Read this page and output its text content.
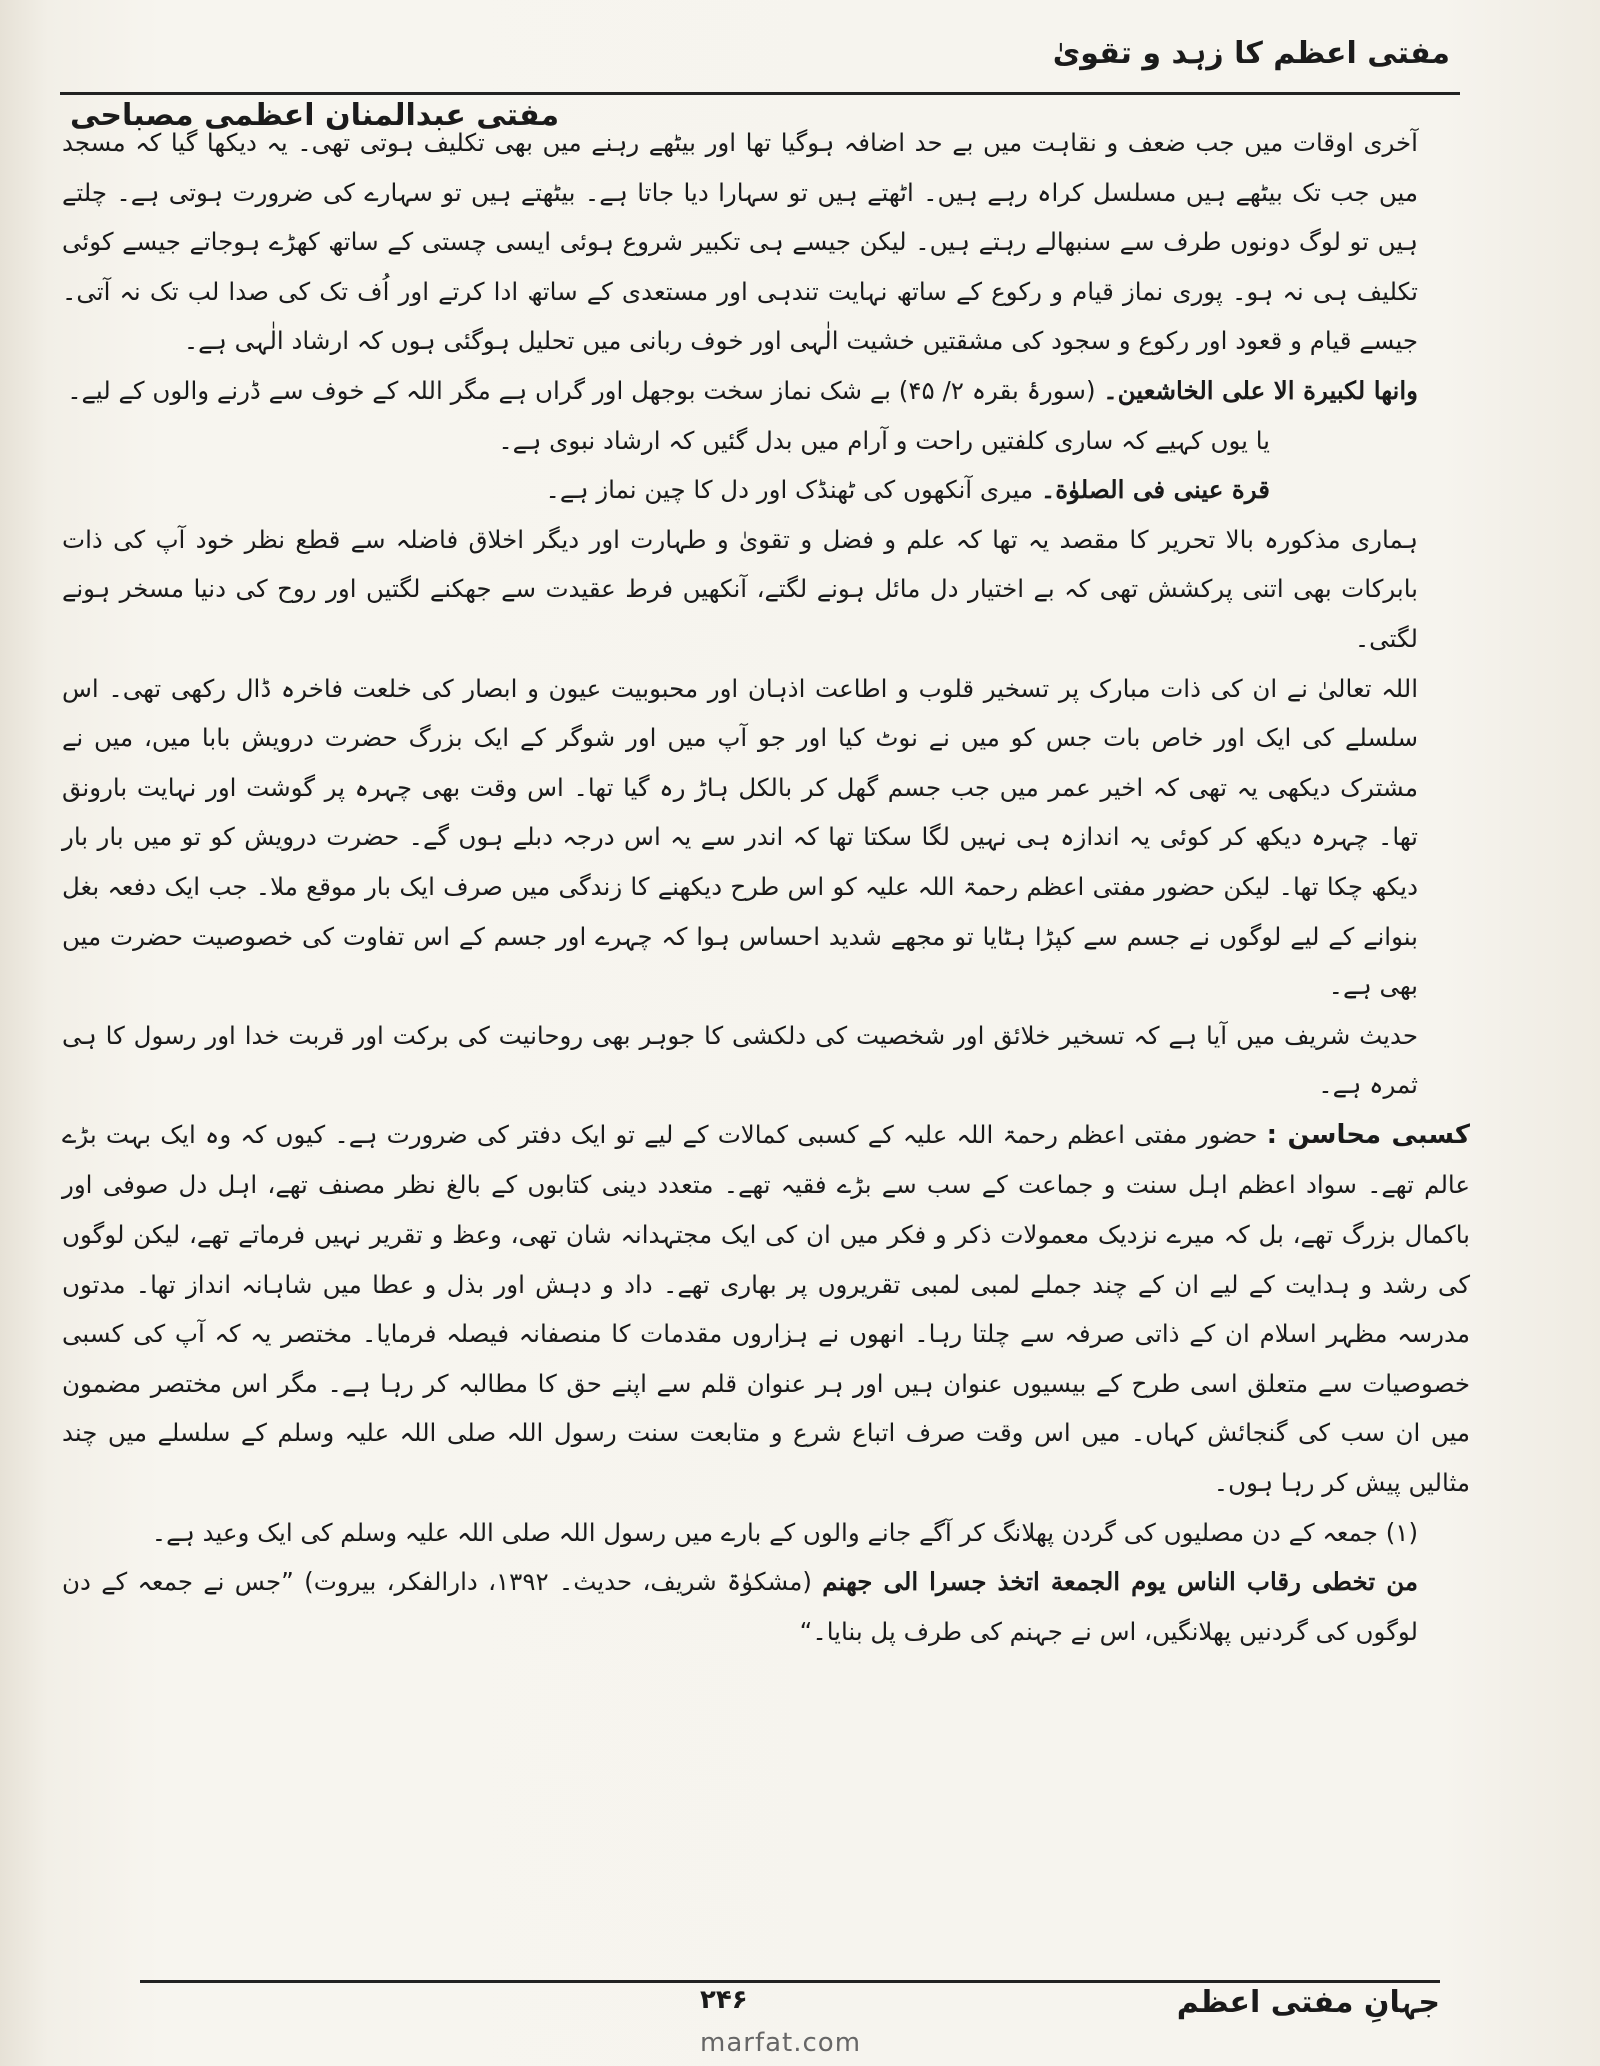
مفتی اعظم کا زہد و تقویٰ
مفتی عبدالمنان اعظمی مصباحی

آخری اوقات میں جب ضعف و نقاہت میں بے حد اضافہ ہوگیا تھا اور بیٹھے رہنے میں بھی تکلیف ہوتی تھی۔ یہ دیکھا گیا کہ مسجد میں جب تک بیٹھے ہیں مسلسل کراہ رہے ہیں۔ اٹھتے ہیں تو سہارا دیا جاتا ہے۔ بیٹھتے ہیں تو سہارے کی ضرورت ہوتی ہے۔ چلتے ہیں تو لوگ دونوں طرف سے سنبھالے رہتے ہیں۔ لیکن جیسے ہی تکبیر شروع ہوئی ایسی چستی کے ساتھ کھڑے ہوجاتے جیسے کوئی تکلیف ہی نہ ہو۔ پوری نماز قیام و رکوع کے ساتھ نہایت تندہی اور مستعدی کے ساتھ ادا کرتے اور اُف تک کی صدا لب تک نہ آتی۔ جیسے قیام و قعود اور رکوع و سجود کی مشقتیں خشیت الٰہی اور خوف ربانی میں تحلیل ہوگئی ہوں کہ ارشاد الٰہی ہے۔

وانها لکبیرة الا علی الخاشعین۔ (سورۂ بقرہ ۲/ ۴۵) بے شک نماز سخت بوجھل اور گراں ہے مگر اللہ کے خوف سے ڈرنے والوں کے لیے۔

یا یوں کہیے کہ ساری کلفتیں راحت و آرام میں بدل گئیں کہ ارشاد نبوی ہے۔

قرة عینی فی الصلوٰة۔ میری آنکھوں کی ٹھنڈک اور دل کا چین نماز ہے۔

ہماری مذکورہ بالا تحریر کا مقصد یہ تھا کہ علم و فضل و تقویٰ و طہارت اور دیگر اخلاق فاضلہ سے قطع نظر خود آپ کی ذات بابرکات بھی اتنی پرکشش تھی کہ بے اختیار دل مائل ہونے لگتے، آنکھیں فرط عقیدت سے جھکنے لگتیں اور روح کی دنیا مسخر ہونے لگتی۔

اللہ تعالیٰ نے ان کی ذات مبارک پر تسخیر قلوب و اطاعت اذہان اور محبوبیت عیون و ابصار کی خلعت فاخرہ ڈال رکھی تھی۔ اس سلسلے کی ایک اور خاص بات جس کو میں نے نوٹ کیا اور جو آپ میں اور شوگر کے ایک بزرگ حضرت درویش بابا میں، میں نے مشترک دیکھی یہ تھی کہ اخیر عمر میں جب جسم گھل کر بالکل ہاڑ رہ گیا تھا۔ اس وقت بھی چہرہ پر گوشت اور نہایت بارونق تھا۔ چہرہ دیکھ کر کوئی یہ اندازہ ہی نہیں لگا سکتا تھا کہ اندر سے یہ اس درجہ دبلے ہوں گے۔ حضرت درویش کو تو میں بار بار دیکھ چکا تھا۔ لیکن حضور مفتی اعظم رحمۃ اللہ علیہ کو اس طرح دیکھنے کا زندگی میں صرف ایک بار موقع ملا۔ جب ایک دفعہ بغل بنوانے کے لیے لوگوں نے جسم سے کپڑا ہٹایا تو مجھے شدید احساس ہوا کہ چہرے اور جسم کے اس تفاوت کی خصوصیت حضرت میں بھی ہے۔

حدیث شریف میں آیا ہے کہ تسخیر خلائق اور شخصیت کی دلکشی کا جوہر بھی روحانیت کی برکت اور قربت خدا اور رسول کا ہی ثمرہ ہے۔

کسبی محاسن : حضور مفتی اعظم رحمۃ اللہ علیہ کے کسبی کمالات کے لیے تو ایک دفتر کی ضرورت ہے۔ کیوں کہ وہ ایک بہت بڑے عالم تھے۔ سواد اعظم اہل سنت و جماعت کے سب سے بڑے فقیہ تھے۔ متعدد دینی کتابوں کے بالغ نظر مصنف تھے، اہل دل صوفی اور باکمال بزرگ تھے، بل کہ میرے نزدیک معمولات ذکر و فکر میں ان کی ایک مجتہدانہ شان تھی، وعظ و تقریر نہیں فرماتے تھے، لیکن لوگوں کی رشد و ہدایت کے لیے ان کے چند جملے لمبی لمبی تقریروں پر بھاری تھے۔ داد و دہش اور بذل و عطا میں شاہانہ انداز تھا۔ مدتوں مدرسہ مظہر اسلام ان کے ذاتی صرفہ سے چلتا رہا۔ انھوں نے ہزاروں مقدمات کا منصفانہ فیصلہ فرمایا۔ مختصر یہ کہ آپ کی کسبی خصوصیات سے متعلق اسی طرح کے بیسیوں عنوان ہیں اور ہر عنوان قلم سے اپنے حق کا مطالبہ کر رہا ہے۔ مگر اس مختصر مضمون میں ان سب کی گنجائش کہاں۔ میں اس وقت صرف اتباع شرع و متابعت سنت رسول اللہ صلی اللہ علیہ وسلم کے سلسلے میں چند مثالیں پیش کر رہا ہوں۔

(۱) جمعہ کے دن مصلیوں کی گردن پھلانگ کر آگے جانے والوں کے بارے میں رسول اللہ صلی اللہ علیہ وسلم کی ایک وعید ہے۔

من تخطی رقاب الناس یوم الجمعة اتخذ جسرا الی جهنم (مشکوٰۃ شریف، حدیث۔ ۱۳۹۲، دارالفکر، بیروت) ”جس نے جمعہ کے دن لوگوں کی گردنیں پھلانگیں، اس نے جہنم کی طرف پل بنایا۔“

جہانِ مفتی اعظم
۲۴۶
marfat.com
